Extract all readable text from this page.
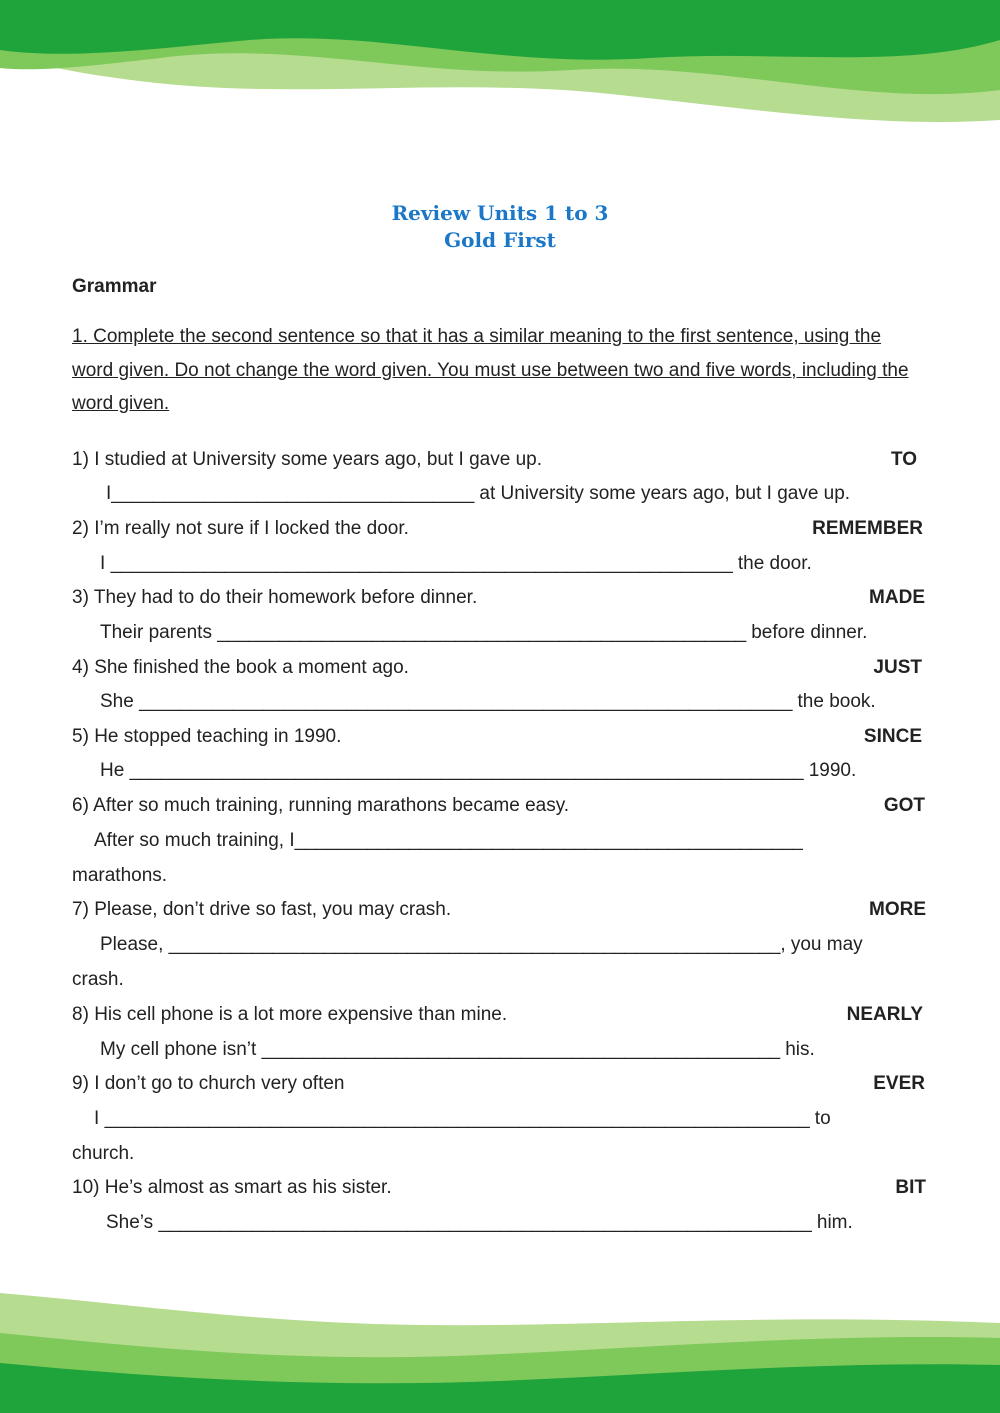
Review Units 1 to 3
Gold First
Grammar

1. Complete the second sentence so that it has a similar meaning to the first sentence, using the word given. Do not change the word given. You must use between two and five words, including the word given.

1) I studied at University some years ago, but I gave up.	TO
I___________________________________ at University some years ago, but I gave up.
2) I’m really not sure if I locked the door.	REMEMBER
I ____________________________________________________________ the door.
3) They had to do their homework before dinner.	MADE
Their parents ___________________________________________________ before dinner.
4) She finished the book a moment ago.	JUST
She _______________________________________________________________ the book.
5) He stopped teaching in 1990.	SINCE
He _________________________________________________________________ 1990.
6) After so much training, running marathons became easy.	GOT
After so much training, I_________________________________________________
marathons.
7) Please, don’t drive so fast, you may crash.	MORE
Please, ___________________________________________________________, you may
crash.
8) His cell phone is a lot more expensive than mine.	NEARLY
My cell phone isn’t __________________________________________________ his.
9) I don’t go to church very often	EVER
I ____________________________________________________________________ to
church.
10) He’s almost as smart as his sister.	BIT
She’s _______________________________________________________________ him.
